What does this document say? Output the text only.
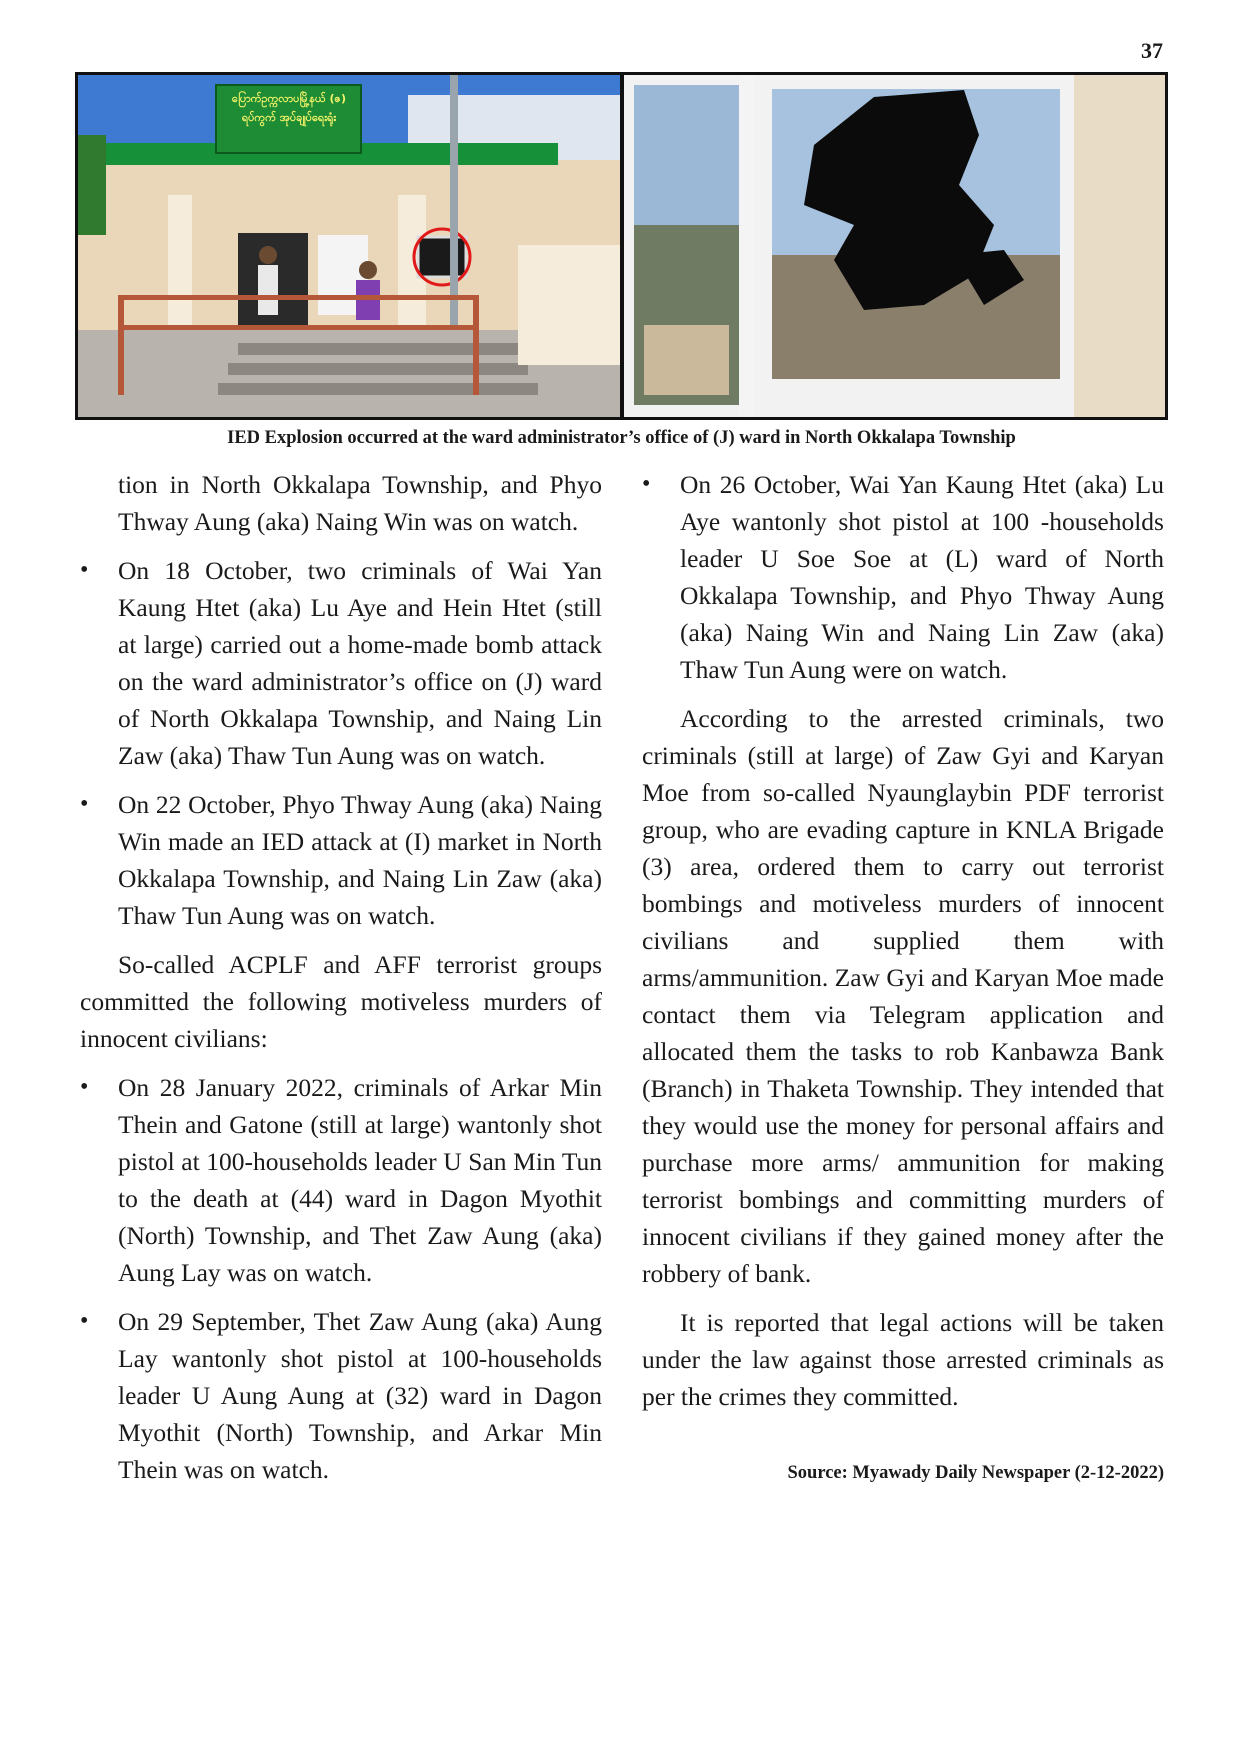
37
ပြောက်ဥက္ကလာပမြို့နယ် (ဇ) ရပ်ကွက် အုပ်ချုပ်ရေးရုံး
IED Explosion occurred at the ward administrator’s office of (J) ward in North Okkalapa Township

tion in North Okkalapa Township, and Phyo Thway Aung (aka) Naing Win was on watch.

• On 18 October, two criminals of Wai Yan Kaung Htet (aka) Lu Aye and Hein Htet (still at large) carried out a home-made bomb attack on the ward administrator’s office on (J) ward of North Okkalapa Township, and Naing Lin Zaw (aka) Thaw Tun Aung was on watch.
• On 22 October, Phyo Thway Aung (aka) Naing Win made an IED attack at (I) market in North Okkalapa Township, and Naing Lin Zaw (aka) Thaw Tun Aung was on watch.

So-called ACPLF and AFF terrorist groups committed the following motiveless murders of innocent civilians:

• On 28 January 2022, criminals of Arkar Min Thein and Gatone (still at large) wantonly shot pistol at 100-households leader U San Min Tun to the death at (44) ward in Dagon Myothit (North) Township, and Thet Zaw Aung (aka) Aung Lay was on watch.
• On 29 September, Thet Zaw Aung (aka) Aung Lay wantonly shot pistol at 100-households leader U Aung Aung at (32) ward in Dagon Myothit (North) Township, and Arkar Min Thein was on watch.
• On 26 October, Wai Yan Kaung Htet (aka) Lu Aye wantonly shot pistol at 100 -households leader U Soe Soe at (L) ward of North Okkalapa Township, and Phyo Thway Aung (aka) Naing Win and Naing Lin Zaw (aka) Thaw Tun Aung were on watch.

According to the arrested criminals, two criminals (still at large) of Zaw Gyi and Karyan Moe from so-called Nyaunglaybin PDF terrorist group, who are evading capture in KNLA Brigade (3) area, ordered them to carry out terrorist bombings and motiveless murders of innocent civilians and supplied them with arms/ammunition. Zaw Gyi and Karyan Moe made contact them via Telegram application and allocated them the tasks to rob Kanbawza Bank (Branch) in Thaketa Township. They intended that they would use the money for personal affairs and purchase more arms/ ammunition for making terrorist bombings and committing murders of innocent civilians if they gained money after the robbery of bank.

It is reported that legal actions will be taken under the law against those arrested criminals as per the crimes they committed.

Source: Myawady Daily Newspaper (2-12-2022)
